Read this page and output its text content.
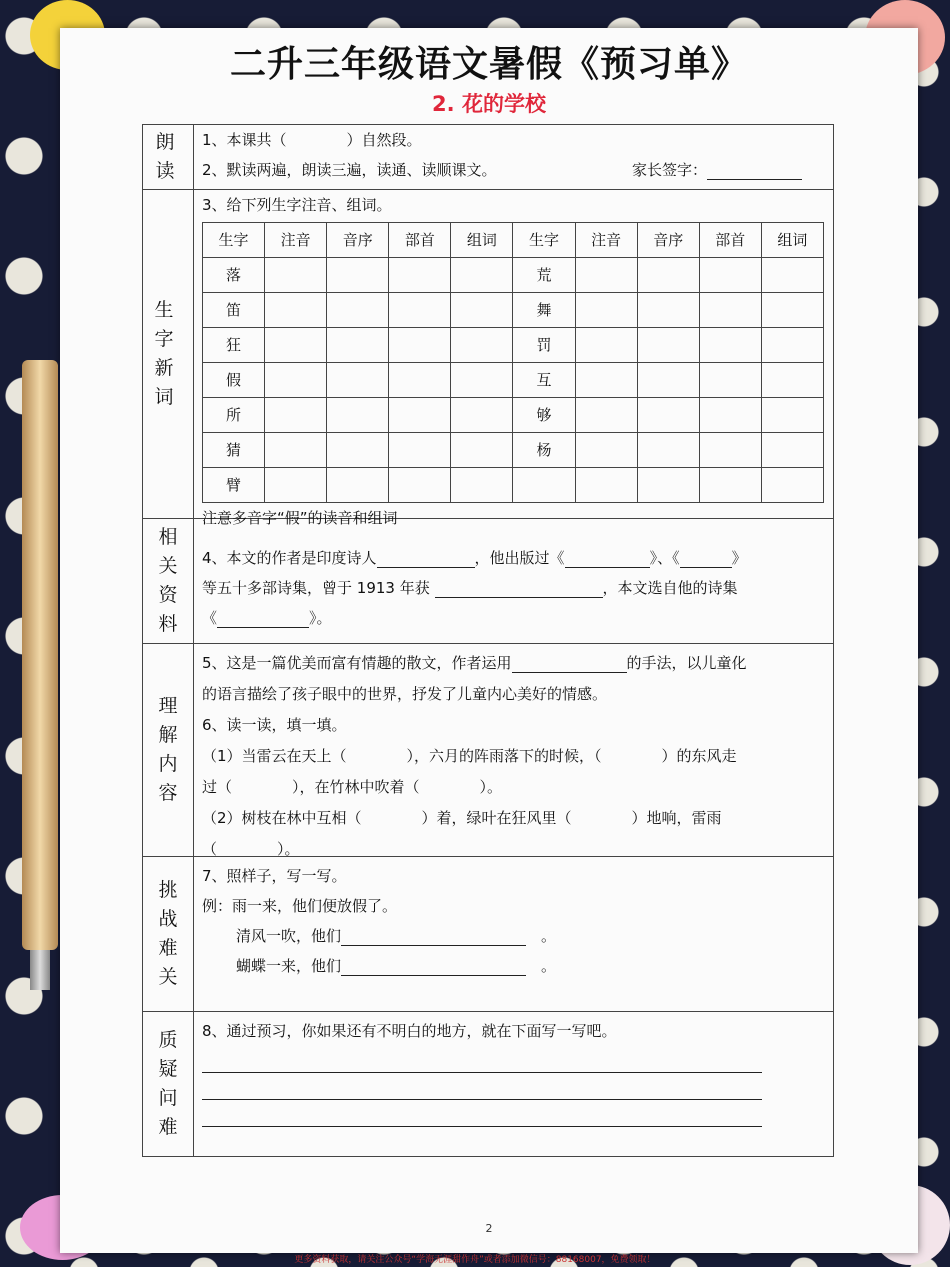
二升三年级语文暑假《预习单》
2. 花的学校
朗
读
1、本课共（　　　　）自然段。
2、默读两遍，朗读三遍，读通、读顺课文。	家长签字：
生
字
新
词
3、给下列生字注音、组词。
生字	注音	音序	部首	组词	生字	注音	音序	部首	组词
落					荒				
笛					舞				
狂					罚				
假					互				
所					够				
猜					杨				
臂									
注意多音字“假”的读音和组词
相
关
资
料
4、本文的作者是印度诗人	，他出版过《	》、《	》
等五十多部诗集，曾于 1913 年获	，本文选自他的诗集
《	》。
理
解
内
容
5、这是一篇优美而富有情趣的散文，作者运用	的手法，以儿童化
的语言描绘了孩子眼中的世界，抒发了儿童内心美好的情感。
6、读一读，填一填。
（1）当雷云在天上（　　　　），六月的阵雨落下的时候，（　　　　）的东风走
过（　　　　），在竹林中吹着（　　　　）。
（2）树枝在林中互相（　　　　）着，绿叶在狂风里（　　　　）地响，雷雨
（　　　　）。
挑
战
难
关
7、照样子，写一写。
例：雨一来，他们便放假了。
清风一吹，他们　	。
蝴蝶一来，他们　	。
质
疑
问
难
8、通过预习，你如果还有不明白的地方，就在下面写一写吧。
2
更多资料获取，请关注公众号“学海无涯甜作舟”或者添加微信号：88168007，免费领取！
